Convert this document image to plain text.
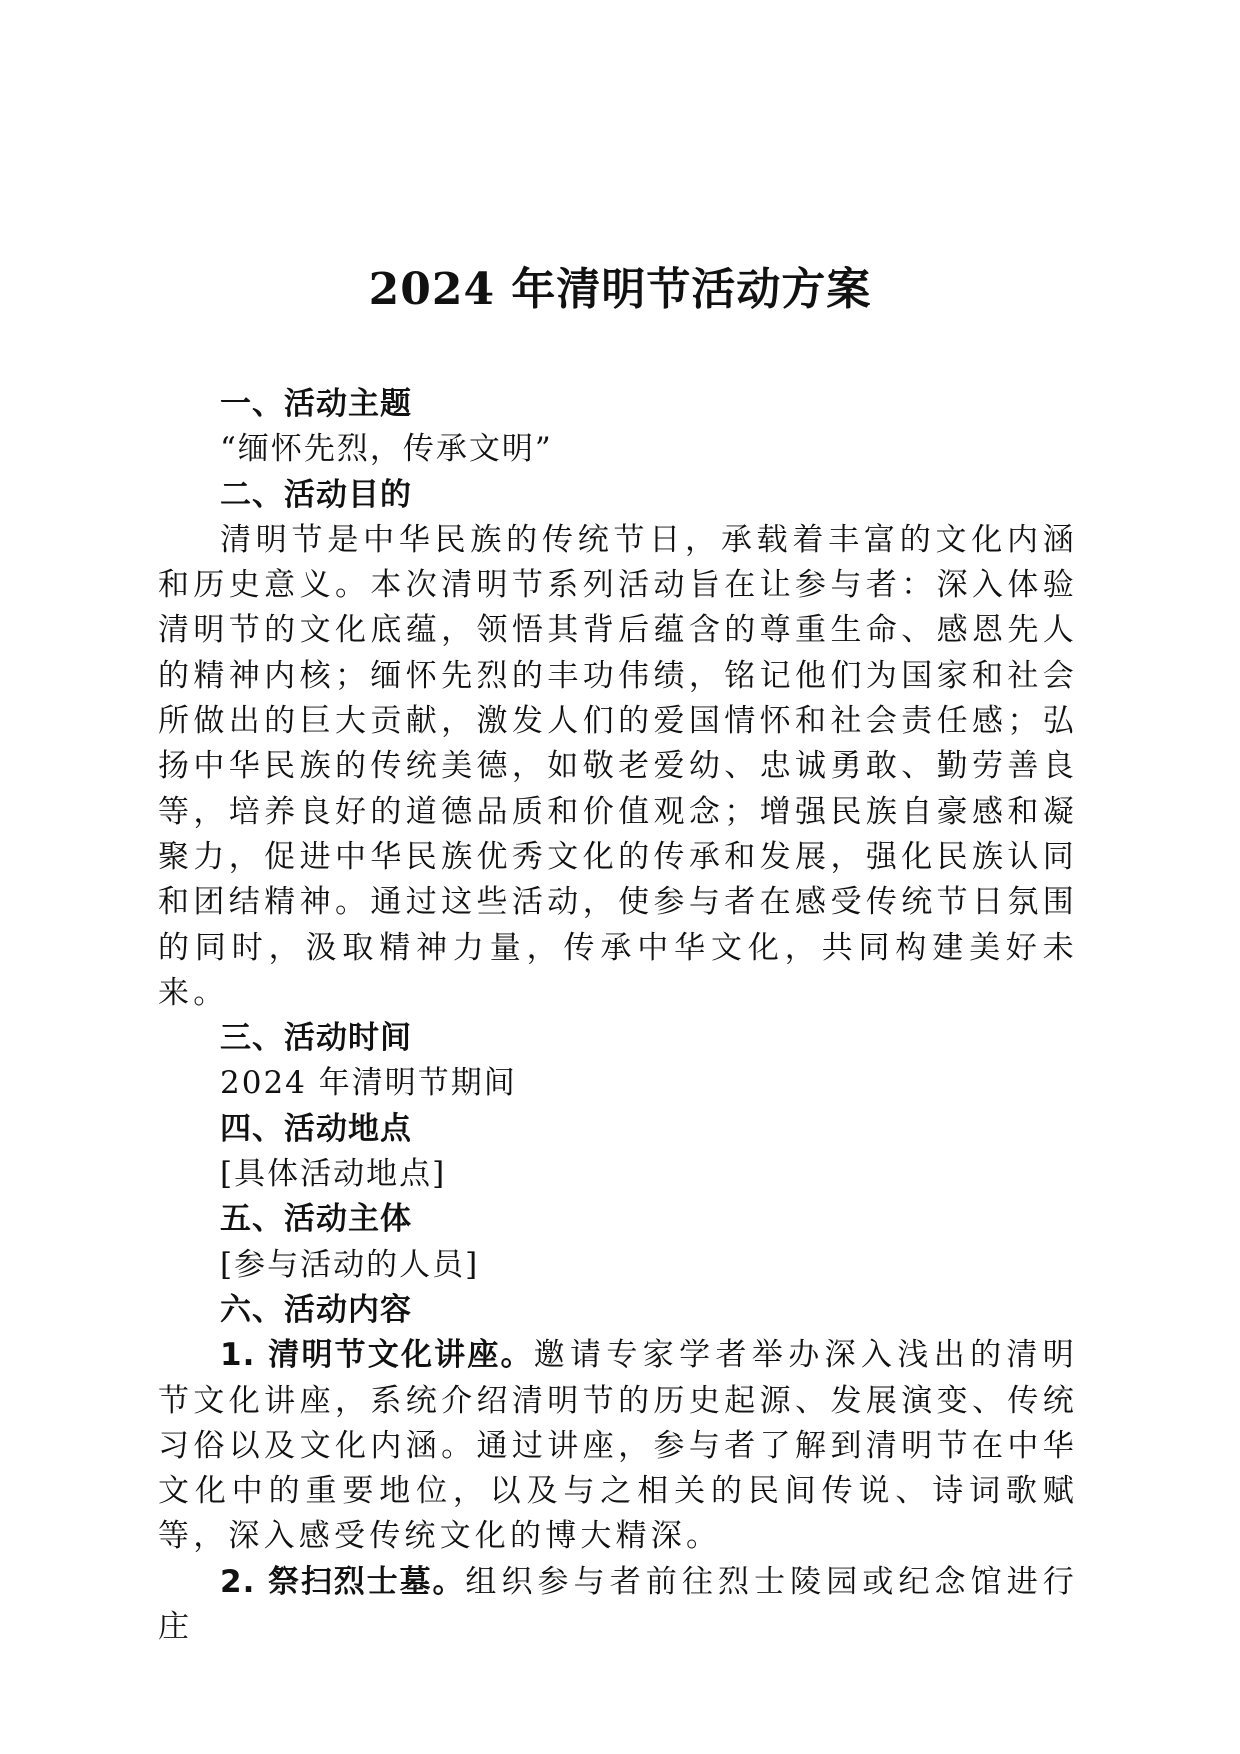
2024 年清明节活动方案

一、活动主题

“缅怀先烈，传承文明”

二、活动目的

清明节是中华民族的传统节日，承载着丰富的文化内涵和历史意义。本次清明节系列活动旨在让参与者：深入体验清明节的文化底蕴，领悟其背后蕴含的尊重生命、感恩先人的精神内核；缅怀先烈的丰功伟绩，铭记他们为国家和社会所做出的巨大贡献，激发人们的爱国情怀和社会责任感；弘扬中华民族的传统美德，如敬老爱幼、忠诚勇敢、勤劳善良等，培养良好的道德品质和价值观念；增强民族自豪感和凝聚力，促进中华民族优秀文化的传承和发展，强化民族认同和团结精神。通过这些活动，使参与者在感受传统节日氛围的同时，汲取精神力量，传承中华文化，共同构建美好未来。

三、活动时间

2024 年清明节期间

四、活动地点

[具体活动地点]

五、活动主体

[参与活动的人员]

六、活动内容

1. 清明节文化讲座。邀请专家学者举办深入浅出的清明节文化讲座，系统介绍清明节的历史起源、发展演变、传统习俗以及文化内涵。通过讲座，参与者了解到清明节在中华文化中的重要地位，以及与之相关的民间传说、诗词歌赋等，深入感受传统文化的博大精深。

2. 祭扫烈士墓。组织参与者前往烈士陵园或纪念馆进行庄
